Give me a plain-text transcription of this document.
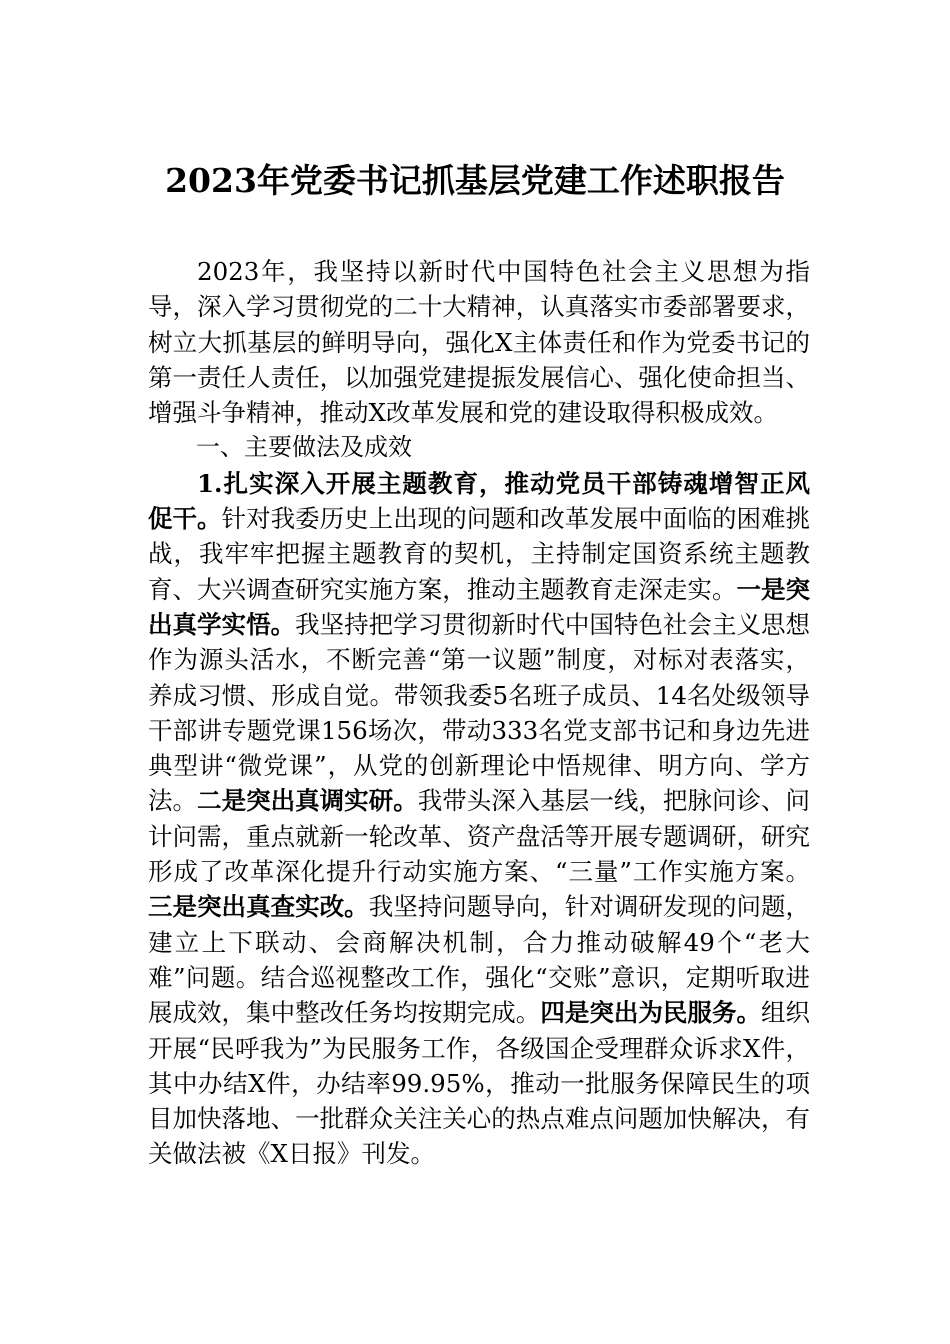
2023年党委书记抓基层党建工作述职报告

2023年，我坚持以新时代中国特色社会主义思想为指导，深入学习贯彻党的二十大精神，认真落实市委部署要求，树立大抓基层的鲜明导向，强化X主体责任和作为党委书记的第一责任人责任，以加强党建提振发展信心、强化使命担当、增强斗争精神，推动X改革发展和党的建设取得积极成效。

一、主要做法及成效

1.扎实深入开展主题教育，推动党员干部铸魂增智正风促干。针对我委历史上出现的问题和改革发展中面临的困难挑战，我牢牢把握主题教育的契机，主持制定国资系统主题教育、大兴调查研究实施方案，推动主题教育走深走实。一是突出真学实悟。我坚持把学习贯彻新时代中国特色社会主义思想作为源头活水，不断完善“第一议题”制度，对标对表落实，养成习惯、形成自觉。带领我委5名班子成员、14名处级领导干部讲专题党课156场次，带动333名党支部书记和身边先进典型讲“微党课”，从党的创新理论中悟规律、明方向、学方法。二是突出真调实研。我带头深入基层一线，把脉问诊、问计问需，重点就新一轮改革、资产盘活等开展专题调研，研究形成了改革深化提升行动实施方案、“三量”工作实施方案。三是突出真查实改。我坚持问题导向，针对调研发现的问题，建立上下联动、会商解决机制，合力推动破解49个“老大难”问题。结合巡视整改工作，强化“交账”意识，定期听取进展成效，集中整改任务均按期完成。四是突出为民服务。组织开展“民呼我为”为民服务工作，各级国企受理群众诉求X件，其中办结X件，办结率99.95%，推动一批服务保障民生的项目加快落地、一批群众关注关心的热点难点问题加快解决，有关做法被《X日报》刊发。
